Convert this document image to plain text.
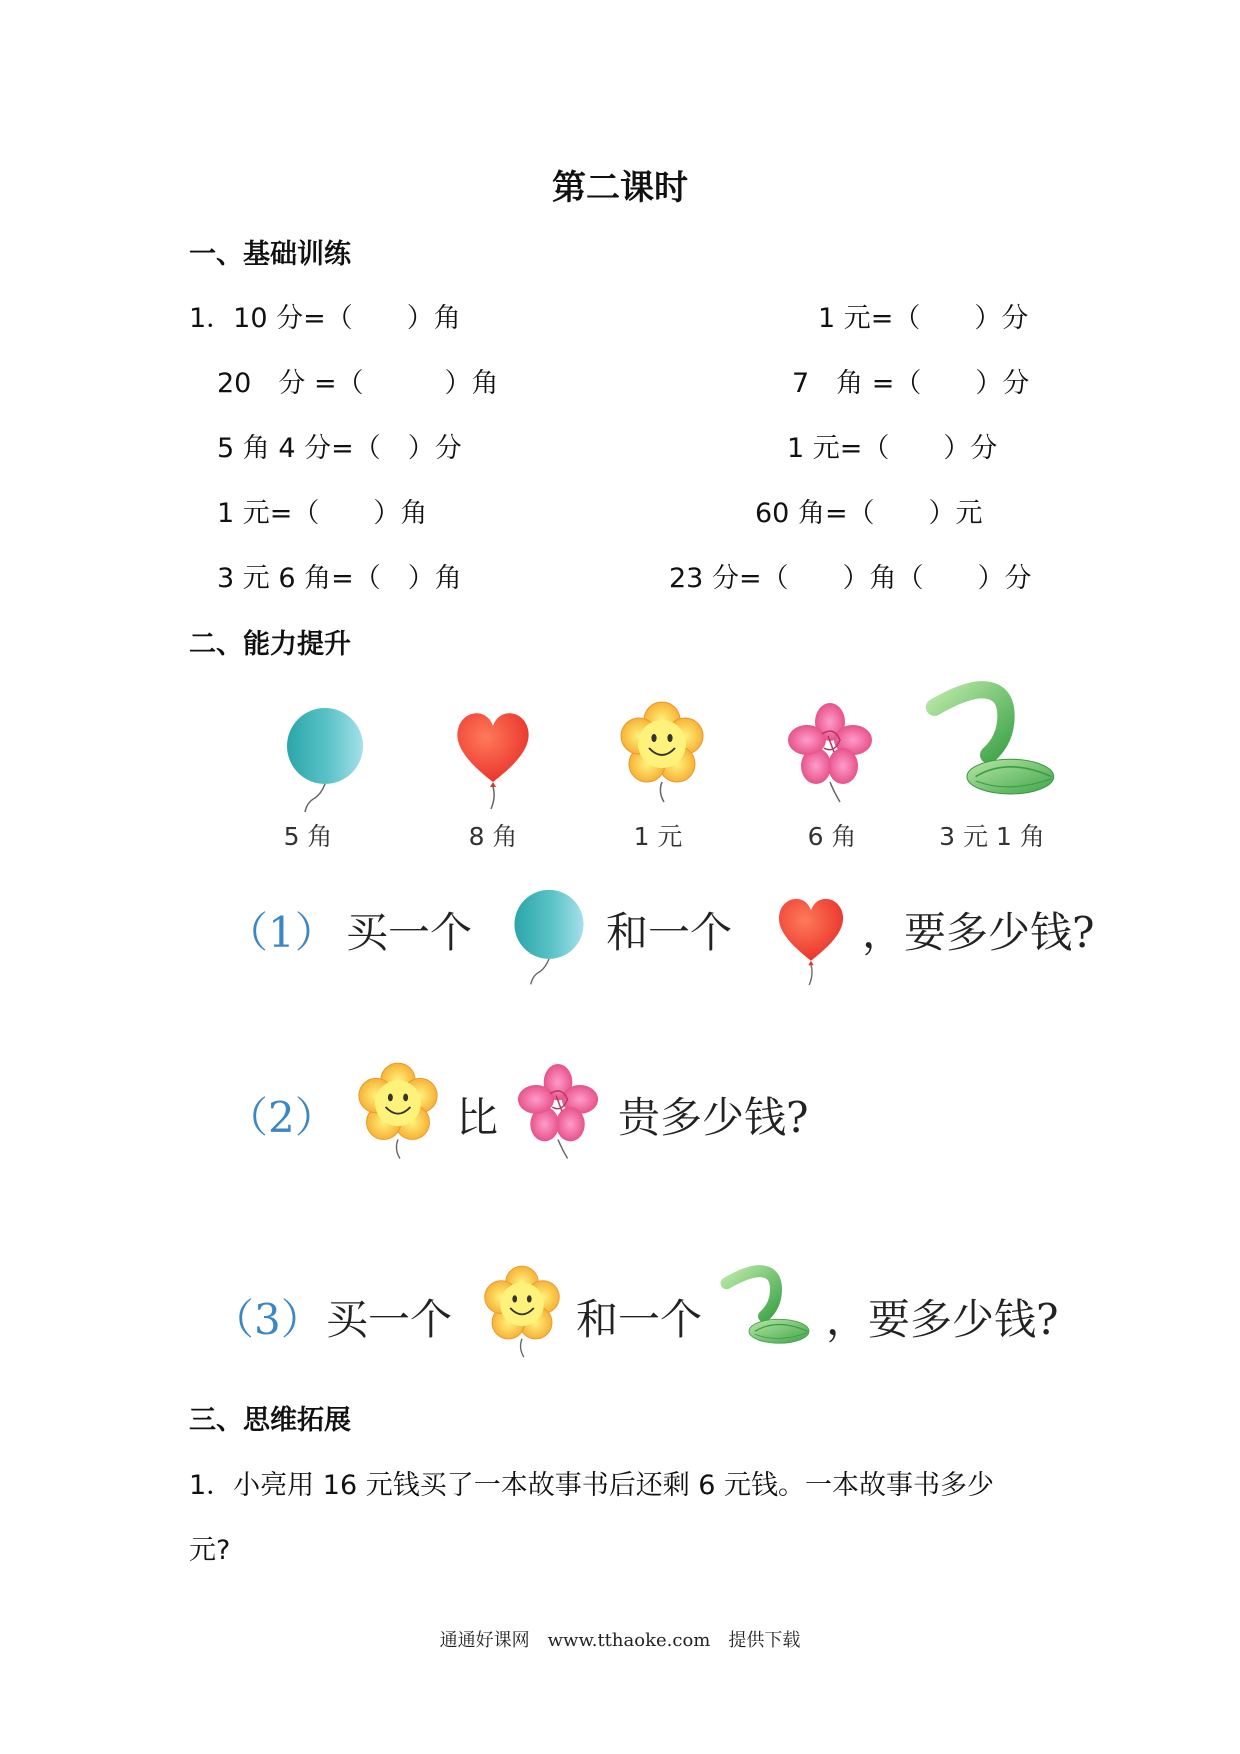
第二课时
一、基础训练
1．10 分=（　　）角	1 元=（　　）分
20　分 =（　　　）角	7　角 =（　　）分
5 角 4 分=（　）分	1 元=（　　）分
1 元=（　　）角	60 角=（　　）元
3 元 6 角=（　）角	23 分=（　　）角（　　）分
二、能力提升
5 角	8 角	1 元	6 角	3 元 1 角
（1） 买一个	和一个	，要多少钱?
（2）	比	贵多少钱?
（3） 买一个	和一个	，要多少钱?
三、思维拓展
1．小亮用 16 元钱买了一本故事书后还剩 6 元钱。一本故事书多少
元?
通通好课网　www.tthaoke.com　提供下载
